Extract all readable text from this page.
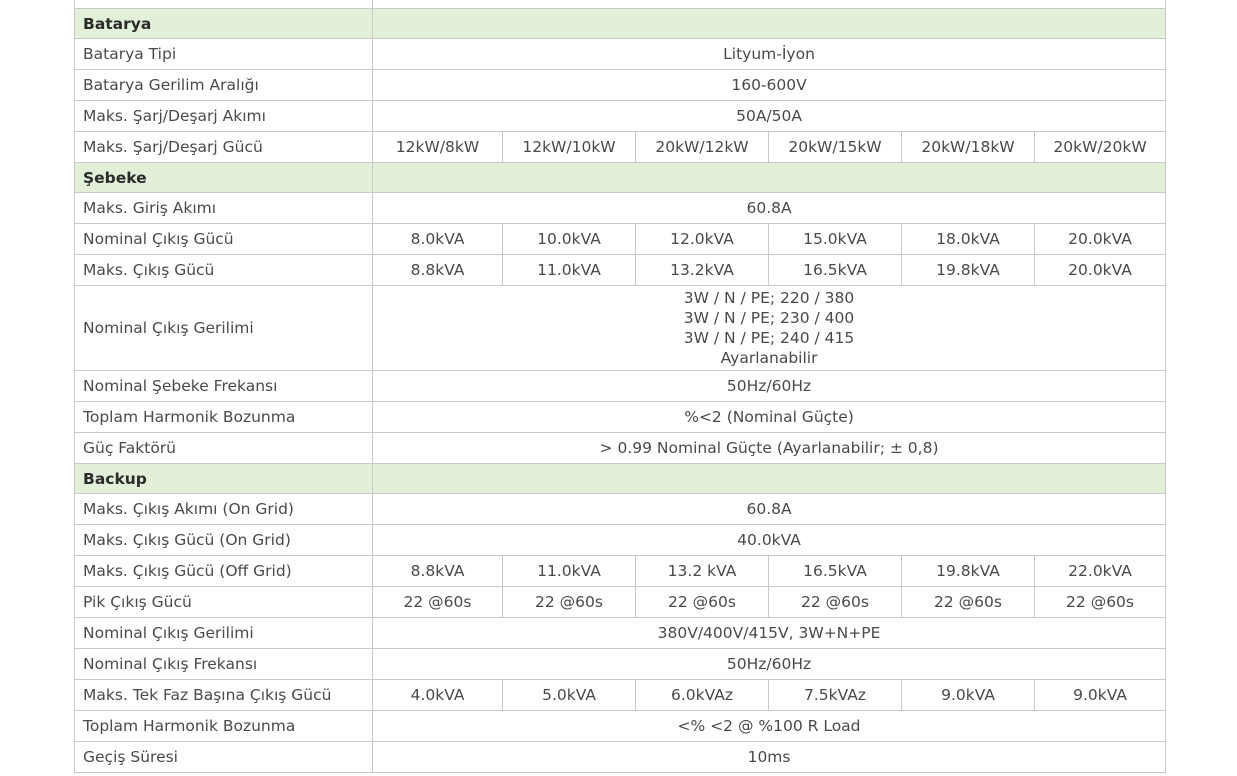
Batarya						
Batarya Tipi	Lityum-İyon					
Batarya Gerilim Aralığı	160-600V					
Maks. Şarj/Deşarj Akımı	50A/50A					
Maks. Şarj/Deşarj Gücü	12kW/8kW	12kW/10kW	20kW/12kW	20kW/15kW	20kW/18kW	20kW/20kW
Şebeke						
Maks. Giriş Akımı	60.8A					
Nominal Çıkış Gücü	8.0kVA	10.0kVA	12.0kVA	15.0kVA	18.0kVA	20.0kVA
Maks. Çıkış Gücü	8.8kVA	11.0kVA	13.2kVA	16.5kVA	19.8kVA	20.0kVA
Nominal Çıkış Gerilimi	3W / N / PE; 220 / 380
3W / N / PE; 230 / 400
3W / N / PE; 240 / 415
Ayarlanabilir					

Nominal Şebeke Frekansı	50Hz/60Hz					
Toplam Harmonik Bozunma	%<2 (Nominal Güçte)					
Güç Faktörü	> 0.99 Nominal Güçte (Ayarlanabilir; ± 0,8)					
Backup						
Maks. Çıkış Akımı (On Grid)	60.8A					
Maks. Çıkış Gücü (On Grid)	40.0kVA					
Maks. Çıkış Gücü (Off Grid)	8.8kVA	11.0kVA	13.2 kVA	16.5kVA	19.8kVA	22.0kVA
Pik Çıkış Gücü	22 @60s	22 @60s	22 @60s	22 @60s	22 @60s	22 @60s
Nominal Çıkış Gerilimi	380V/400V/415V, 3W+N+PE					
Nominal Çıkış Frekansı	50Hz/60Hz					
Maks. Tek Faz Başına Çıkış Gücü	4.0kVA	5.0kVA	6.0kVAz	7.5kVAz	9.0kVA	9.0kVA
Toplam Harmonik Bozunma	<% <2 @ %100 R Load					
Geçiş Süresi	10ms					
